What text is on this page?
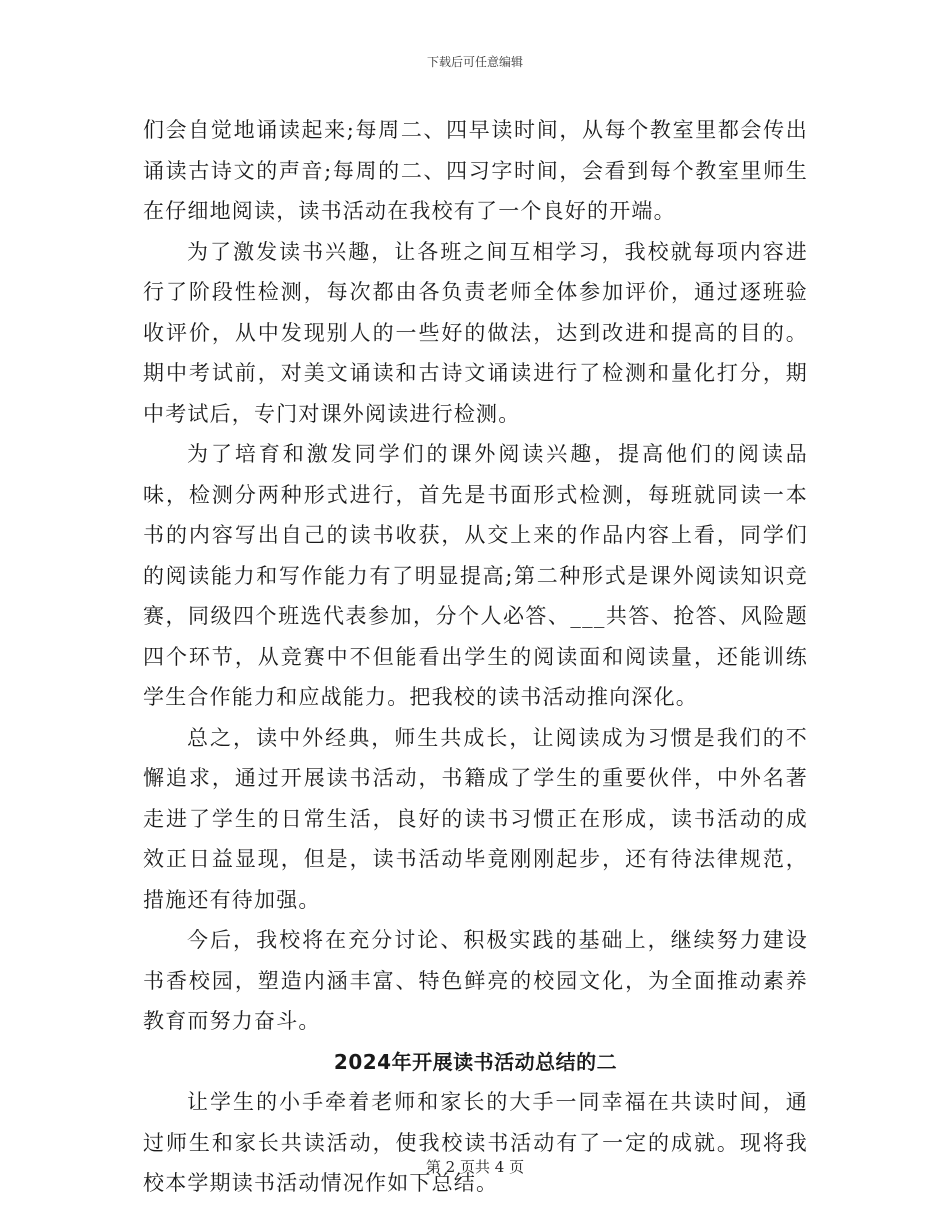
下载后可任意编辑

们会自觉地诵读起来;每周二、四早读时间，从每个教室里都会传出诵读古诗文的声音;每周的二、四习字时间，会看到每个教室里师生在仔细地阅读，读书活动在我校有了一个良好的开端。

为了激发读书兴趣，让各班之间互相学习，我校就每项内容进行了阶段性检测，每次都由各负责老师全体参加评价，通过逐班验收评价，从中发现别人的一些好的做法，达到改进和提高的目的。期中考试前，对美文诵读和古诗文诵读进行了检测和量化打分，期中考试后，专门对课外阅读进行检测。

为了培育和激发同学们的课外阅读兴趣，提高他们的阅读品味，检测分两种形式进行，首先是书面形式检测，每班就同读一本书的内容写出自己的读书收获，从交上来的作品内容上看，同学们的阅读能力和写作能力有了明显提高;第二种形式是课外阅读知识竞赛，同级四个班选代表参加，分个人必答、___共答、抢答、风险题四个环节，从竞赛中不但能看出学生的阅读面和阅读量，还能训练学生合作能力和应战能力。把我校的读书活动推向深化。

总之，读中外经典，师生共成长，让阅读成为习惯是我们的不懈追求，通过开展读书活动，书籍成了学生的重要伙伴，中外名著走进了学生的日常生活，良好的读书习惯正在形成，读书活动的成效正日益显现，但是，读书活动毕竟刚刚起步，还有待法律规范，措施还有待加强。

今后，我校将在充分讨论、积极实践的基础上，继续努力建设书香校园，塑造内涵丰富、特色鲜亮的校园文化，为全面推动素养教育而努力奋斗。

2024年开展读书活动总结的二

让学生的小手牵着老师和家长的大手一同幸福在共读时间，通过师生和家长共读活动，使我校读书活动有了一定的成就。现将我校本学期读书活动情况作如下总结。

第 2 页共 4 页
